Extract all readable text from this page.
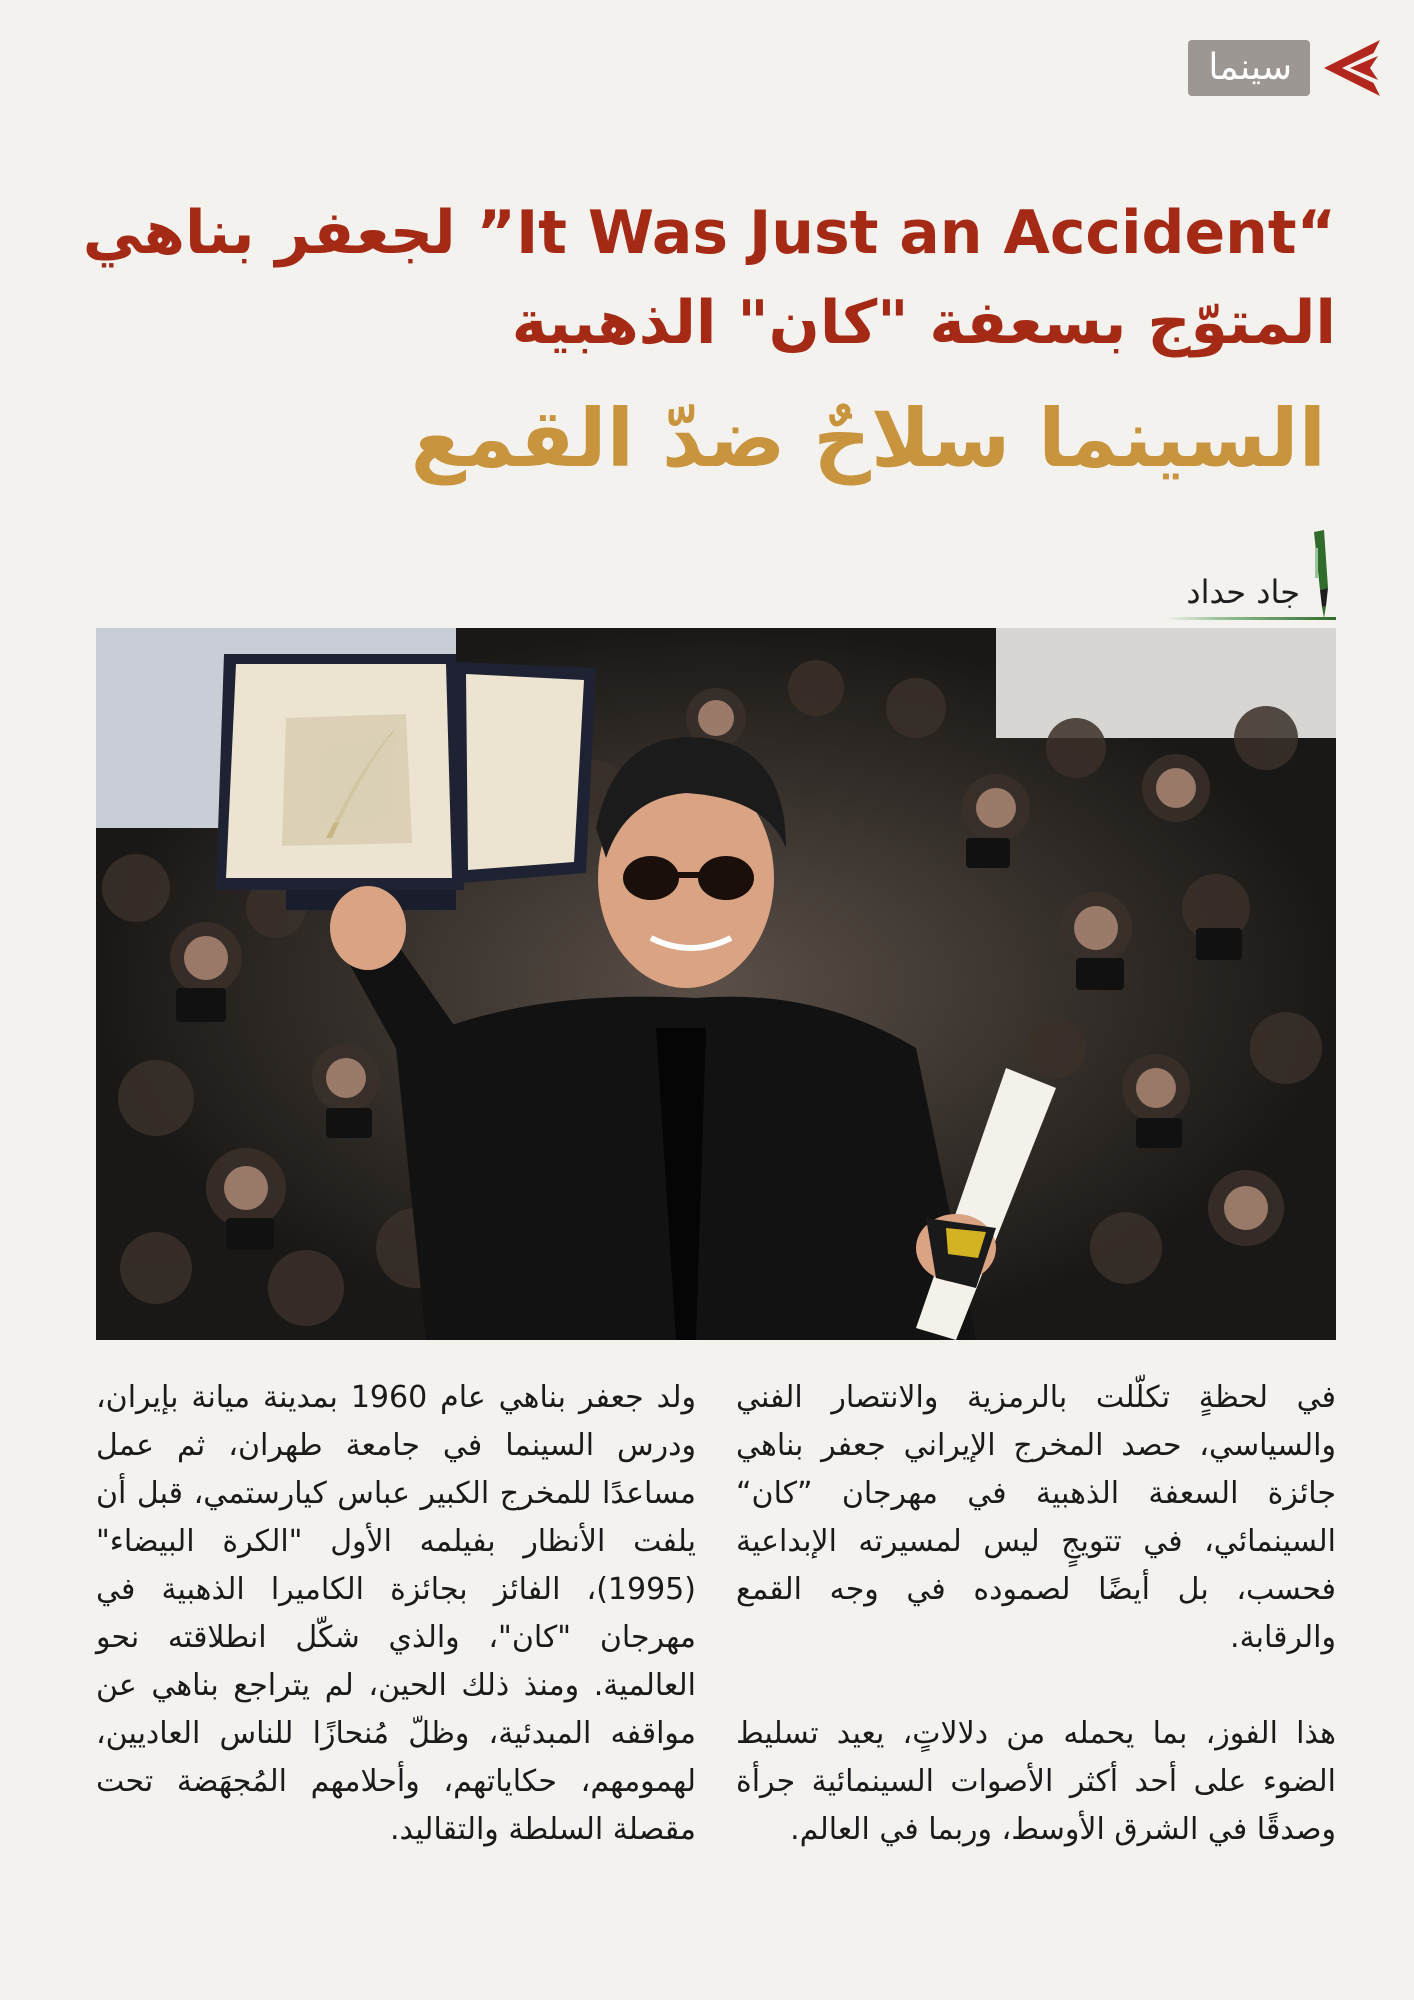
سينما
“It Was Just an Accident” لجعفر بناهي
المتوّج بسعفة "كان" الذهبية
السينما سلاحٌ ضدّ القمع
جاد حداد

في لحظةٍ تكلّلت بالرمزية والانتصار الفني والسياسي، حصد المخرج الإيراني جعفر بناهي جائزة السعفة الذهبية في مهرجان ”كان“ السينمائي، في تتويجٍ ليس لمسيرته الإبداعية فحسب، بل أيضًا لصموده في وجه القمع والرقابة.

هذا الفوز، بما يحمله من دلالاتٍ، يعيد تسليط الضوء على أحد أكثر الأصوات السينمائية جرأة وصدقًا في الشرق الأوسط، وربما في العالم.

ولد جعفر بناهي عام 1960 بمدينة ميانة بإيران، ودرس السينما في جامعة طهران، ثم عمل مساعدًا للمخرج الكبير عباس كيارستمي، قبل أن يلفت الأنظار بفيلمه الأول "الكرة البيضاء" (1995)، الفائز بجائزة الكاميرا الذهبية في مهرجان "كان"، والذي شكّل انطلاقته نحو العالمية. ومنذ ذلك الحين، لم يتراجع بناهي عن مواقفه المبدئية، وظلّ مُنحازًا للناس العاديين، لهمومهم، حكاياتهم، وأحلامهم المُجهَضة تحت مقصلة السلطة والتقاليد.
